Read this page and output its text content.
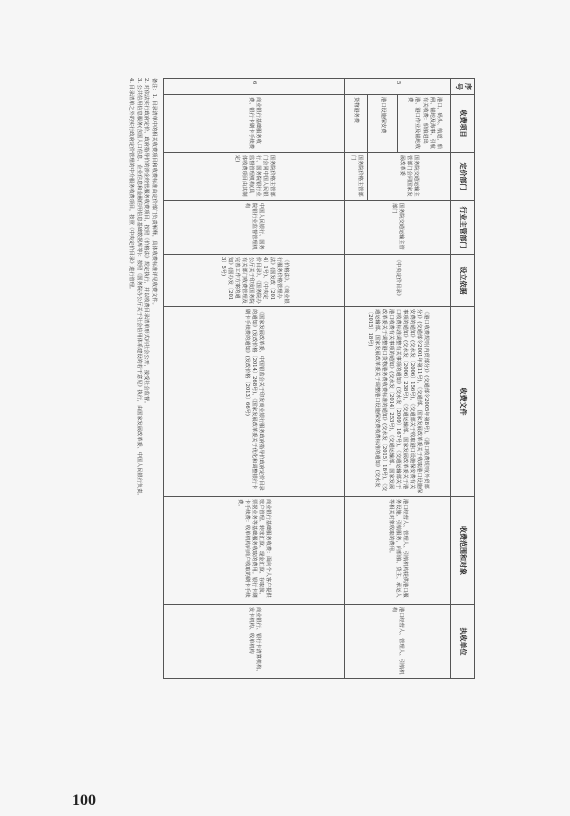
序号	收费项目	定价部门	行业主管部门	设立依据	收费文件	收费范围和对象	执收单位
5	港口、码头、航道、船闸、锚地及海事、引航有关收费：船舶进出港、港口作业及锚地收费	国务院交通运输主管部门会同国家发展改革委	国务院交通运输主管部门	《中央定价目录》	《港口收费规则(内贸部分)》(交通部令2005年第8号)，《港口收费规则(外贸部分)》(交通部令2001年第11号)，《交通部、国家发展改革委关于收取港口设施保安费的通知》(交水发〔2006〕156号)，《交通部关于收取港口设施保安费有关事项的通知》(交水发〔2006〕238号)，《交通运输部、国家发展改革委关于港口收费标准调整有关事项的通知》(交水发〔2009〕167号)，《交通运输部关于港口收费有关事项的通知》(交水发〔2014〕253号)，《交通运输部、国家发展改革委关于调整港口货物港务费收费标准的通知》(交水发〔2015〕18号)，《交通运输部、国家发展改革委关于调整港口设施保安费收费标准的通知》(交水发〔2015〕18号)	港口经营人、管理人、引航机构提供港口服务设施、引航服务，向船舶、货主、承运人等相关对象收取的费用。	港口经营人、管理人、引航机构
	港口设施保安费						
	货物港务费	国务院价格主管部门					
6	商业银行基础服务收费、银行卡刷卡手续费	国务院价格主管部门会同中国人民银行、国务院银行业监督管理机构(具体收费项目由其制定)	中国人民银行、国务院银行业监督管理机构	《价格法》、《商业银行服务价格管理办法》(国发改〔2014〕1号)、《中央定价目录》、《国务院办公厅关于印发国务院有关部门收费管理及完善工作方案的通知》(国办发〔2013〕5号)	《国家发展改革委、中国银监会关于印发商业银行服务政府指导价政府定价目录的通知》(发改价格〔2014〕268号)、《国家发展改革委关于优化和调整银行卡刷卡手续费的通知》(发改价格〔2013〕66号)	商业银行基础服务收费：面向个人客户提供账户管理、转账汇款、现金汇款、存取款、票据业务等基础服务收取的费用。银行卡刷卡手续费：收单机构向商户收取的刷卡手续费。	商业银行、银行卡清算机构、发卡机构、收单机构
备注：1. 目录清单中的相关收费项目和收费标准由定价部门负责解释，具体收费标准详见收费文件。
2. 对依法实行政府定价、政府指导价的涉企经营服务收费项目，按照《价格法》规定执行，并以收费目录清单形式向社会公开，接受社会监督。
3. 公共信用信息服务(含国人口信息、企业信息和金融信用信息基础数据库等)：按照《国务院办公厅关于社会信用体系建设的若干意见》执行，由国家发展改革委、中国人民银行负责。
4. 目录清单之外的实行政府定价管理的中介服务收费项目，按照《中央定价目录》进行管理。
100
